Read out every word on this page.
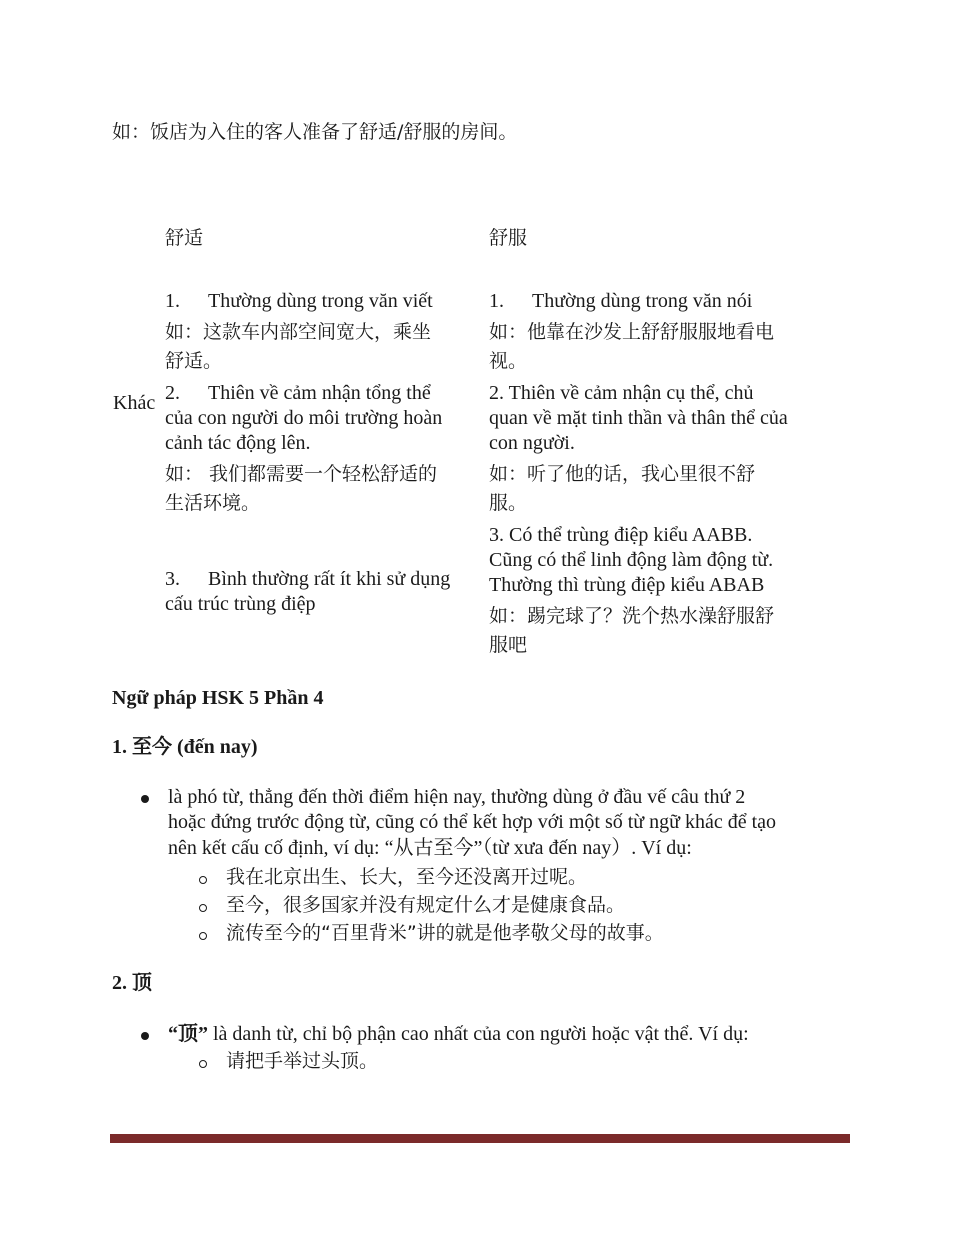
如：饭店为入住的客人准备了舒适/舒服的房间。
舒适	舒服
Khác
1. Thường dùng trong văn viết
如：这款车内部空间宽大，乘坐
舒适。
2. Thiên về cảm nhận tổng thể
của con người do môi trường hoàn
cảnh tác động lên.
如： 我们都需要一个轻松舒适的
生活环境。
3. Bình thường rất ít khi sử dụng
cấu trúc trùng điệp
1. Thường dùng trong văn nói
如：他靠在沙发上舒舒服服地看电
视。
2. Thiên về cảm nhận cụ thể, chủ
quan về mặt tinh thần và thân thể của
con người.
如：听了他的话，我心里很不舒
服。
3. Có thể trùng điệp kiểu AABB.
Cũng có thể linh động làm động từ.
Thường thì trùng điệp kiểu ABAB
如：踢完球了？洗个热水澡舒服舒
服吧
Ngữ pháp HSK 5 Phần 4
1. 至今 (đến nay)
là phó từ, thẳng đến thời điểm hiện nay, thường dùng ở đầu vế câu thứ 2
hoặc đứng trước động từ, cũng có thể kết hợp với một số từ ngữ khác để tạo
nên kết cấu cố định, ví dụ: “从古至今”（từ xưa đến nay）. Ví dụ:
我在北京出生、长大，至今还没离开过呢。
至今，很多国家并没有规定什么才是健康食品。
流传至今的“百里背米”讲的就是他孝敬父母的故事。
2. 顶
“顶” là danh từ, chỉ bộ phận cao nhất của con người hoặc vật thể. Ví dụ:
请把手举过头顶。
